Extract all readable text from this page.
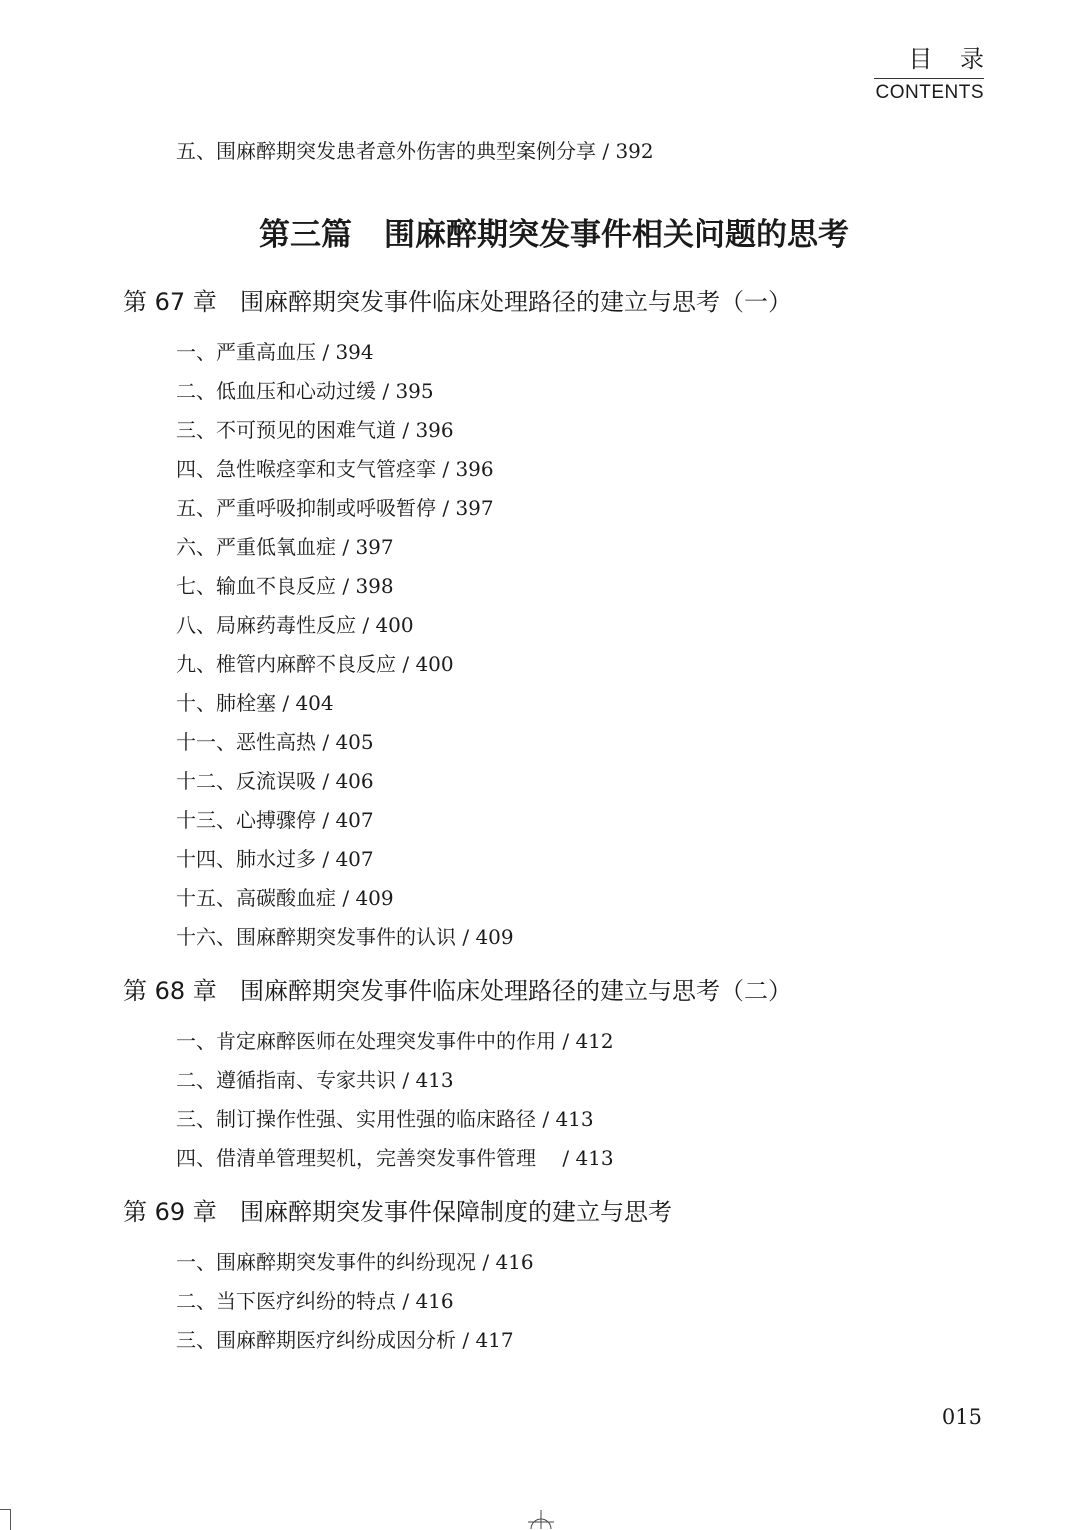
目 录
CONTENTS
五、围麻醉期突发患者意外伤害的典型案例分享 / 392
第三篇 围麻醉期突发事件相关问题的思考
第 67 章 围麻醉期突发事件临床处理路径的建立与思考（一）
一、严重高血压 / 394
二、低血压和心动过缓 / 395
三、不可预见的困难气道 / 396
四、急性喉痉挛和支气管痉挛 / 396
五、严重呼吸抑制或呼吸暂停 / 397
六、严重低氧血症 / 397
七、输血不良反应 / 398
八、局麻药毒性反应 / 400
九、椎管内麻醉不良反应 / 400
十、肺栓塞 / 404
十一、恶性高热 / 405
十二、反流误吸 / 406
十三、心搏骤停 / 407
十四、肺水过多 / 407
十五、高碳酸血症 / 409
十六、围麻醉期突发事件的认识 / 409
第 68 章 围麻醉期突发事件临床处理路径的建立与思考（二）
一、肯定麻醉医师在处理突发事件中的作用 / 412
二、遵循指南、专家共识 / 413
三、制订操作性强、实用性强的临床路径 / 413
四、借清单管理契机，完善突发事件管理　 / 413
第 69 章 围麻醉期突发事件保障制度的建立与思考
一、围麻醉期突发事件的纠纷现况 / 416
二、当下医疗纠纷的特点 / 416
三、围麻醉期医疗纠纷成因分析 / 417
015
